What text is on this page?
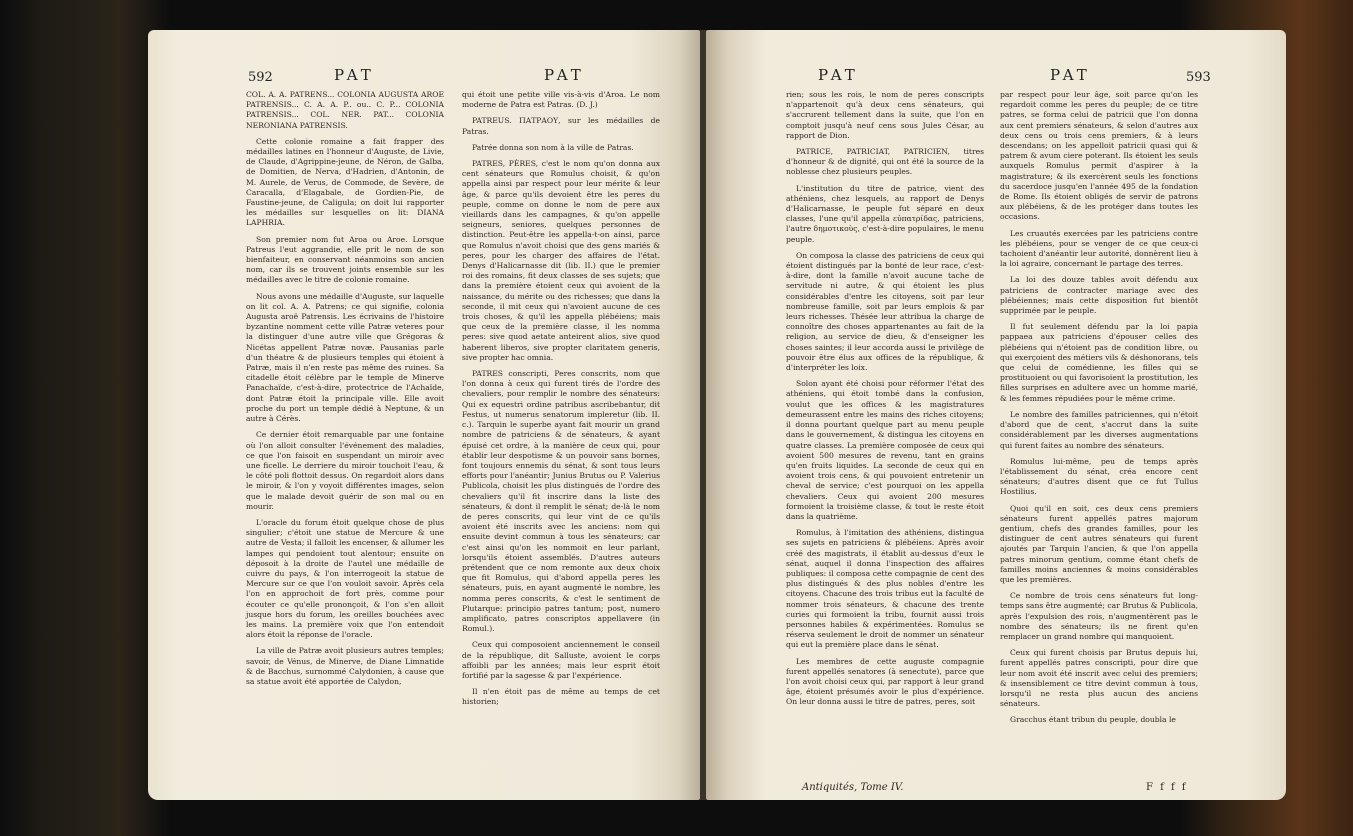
592	PAT	PAT

COL. A. A. PATRENS... COLONIA AUGUSTA AROE PATRENSIS... C. A. A. P.. ou.. C. P... COLONIA PATRENSIS... COL. NER. PAT... COLONIA NERONIANA PATRENSIS.

Cette colonie romaine a fait frapper des médailles latines en l'honneur d'Auguste, de Livie, de Claude, d'Agrippine-jeune, de Néron, de Galba, de Domitien, de Nerva, d'Hadrien, d'Antonin, de M. Aurele, de Verus, de Commode, de Sevère, de Caracalla, d'Elagabale, de Gordien-Pie, de Faustine-jeune, de Caligula; on doit lui rapporter les médailles sur lesquelles on lit: DIANA LAPHRIA.

Son premier nom fut Aroa ou Aroe. Lorsque Patreus l'eut aggrandie, elle prit le nom de son bienfaiteur, en conservant néanmoins son ancien nom, car ils se trouvent joints ensemble sur les médailles avec le titre de colonie romaine.

Nous avons une médaille d'Auguste, sur laquelle on lit col. A. A. Patrens; ce qui signifie, colonia Augusta aroë Patrensis. Les écrivains de l'histoire byzantine nomment cette ville Patræ veteres pour la distinguer d'une autre ville que Grégoras & Nicétas appellent Patræ novæ. Pausanias parle d'un théatre & de plusieurs temples qui étoient à Patræ, mais il n'en reste pas même des ruines. Sa citadelle étoit célèbre par le temple de Minerve Panachaïde, c'est-à-dire, protectrice de l'Achaïde, dont Patræ étoit la principale ville. Elle avoit proche du port un temple dédié à Neptune, & un autre à Cérès.

Ce dernier étoit remarquable par une fontaine où l'on alloit consulter l'événement des maladies, ce que l'on faisoit en suspendant un miroir avec une ficelle. Le derriere du miroir touchoit l'eau, & le côté poli flottoit dessus. On regardoit alors dans le miroir, & l'on y voyoit différentes images, selon que le malade devoit guérir de son mal ou en mourir.

L'oracle du forum étoit quelque chose de plus singulier; c'étoit une statue de Mercure & une autre de Vesta; il falloit les encenser, & allumer les lampes qui pendoient tout alentour; ensuite on déposoit à la droite de l'autel une médaille de cuivre du pays, & l'on interrogeoit la statue de Mercure sur ce que l'on vouloit savoir. Après cela l'on en approchoit de fort près, comme pour écouter ce qu'elle prononçoit, & l'on s'en alloit jusque hors du forum, les oreilles bouchées avec les mains. La première voix que l'on entendoit alors étoit la réponse de l'oracle.

La ville de Patræ avoit plusieurs autres temples; savoir, de Vénus, de Minerve, de Diane Limnatide & de Bacchus, surnommé Calydonien, à cause que sa statue avoit été apportée de Calydon,

qui étoit une petite ville vis-à-vis d'Aroa. Le nom moderne de Patra est Patras. (D. J.)

PATREUS. ΠΑΤΡΑΟΥ, sur les médailles de Patras.

Patrée donna son nom à la ville de Patras.

PATRES, PÈRES, c'est le nom qu'on donna aux cent sénateurs que Romulus choisit, & qu'on appella ainsi par respect pour leur mérite & leur âge, & parce qu'ils devoient être les peres du peuple, comme on donne le nom de pere aux vieillards dans les campagnes, & qu'on appelle seigneurs, seniores, quelques personnes de distinction. Peut-être les appella-t-on ainsi, parce que Romulus n'avoit choisi que des gens mariés & peres, pour les charger des affaires de l'état. Denys d'Halicarnasse dit (lib. II.) que le premier roi des romains, fit deux classes de ses sujets; que dans la première étoient ceux qui avoient de la naissance, du mérite ou des richesses; que dans la seconde, il mit ceux qui n'avoient aucune de ces trois choses, & qu'il les appella plébéiens; mais que ceux de la première classe, il les nomma peres: sive quod aetate anteirent alios, sive quod haberent liberos, sive propter claritatem generis, sive propter hac omnia.

PATRES conscripti, Peres conscrits, nom que l'on donna à ceux qui furent tirés de l'ordre des chevaliers, pour remplir le nombre des sénateurs: Qui ex equestri ordine patribus ascribebantur, dit Festus, ut numerus senatorum impleretur (lib. II. c.). Tarquin le superbe ayant fait mourir un grand nombre de patriciens & de sénateurs, & ayant épuisé cet ordre, à la manière de ceux qui, pour établir leur despotisme & un pouvoir sans bornes, font toujours ennemis du sénat, & sont tous leurs efforts pour l'anéantir; Junius Brutus ou P. Valerius Publicola, choisit les plus distingués de l'ordre des chevaliers qu'il fit inscrire dans la liste des sénateurs, & dont il remplit le sénat; de-là le nom de peres conscrits, qui leur vint de ce qu'ils avoient été inscrits avec les anciens: nom qui ensuite devint commun à tous les sénateurs; car c'est ainsi qu'on les nommoit en leur parlant, lorsqu'ils étoient assemblés. D'autres auteurs prétendent que ce nom remonte aux deux choix que fit Romulus, qui d'abord appella peres les sénateurs, puis, en ayant augmenté le nombre, les nomma peres conscrits, & c'est le sentiment de Plutarque: principio patres tantum; post, numero amplificato, patres conscriptos appellavere (in Romul.).

Ceux qui composoient anciennement le conseil de la république, dit Salluste, avoient le corps affoibli par les années; mais leur esprit étoit fortifié par la sagesse & par l'expérience.

Il n'en étoit pas de même au temps de cet historien;

PAT	PAT	593

rien; sous les rois, le nom de peres conscripts n'appartenoit qu'à deux cens sénateurs, qui s'accrurent tellement dans la suite, que l'on en comptoit jusqu'à neuf cens sous Jules César, au rapport de Dion.

PATRICE, PATRICIAT, PATRICIEN, titres d'honneur & de dignité, qui ont été la source de la noblesse chez plusieurs peuples.

L'institution du titre de patrice, vient des athéniens, chez lesquels, au rapport de Denys d'Halicarnasse, le peuple fut séparé en deux classes, l'une qu'il appella εὐπατρίδας, patriciens, l'autre δημοτικοὺς, c'est-à-dire populaires, le menu peuple.

On composa la classe des patriciens de ceux qui étoient distingués par la bonté de leur race, c'est-à-dire, dont la famille n'avoit aucune tache de servitude ni autre, & qui étoient les plus considérables d'entre les citoyens, soit par leur nombreuse famille, soit par leurs emplois & par leurs richesses. Thésée leur attribua la charge de connoître des choses appartenantes au fait de la religion, au service de dieu, & d'enseigner les choses saintes; il leur accorda aussi le privilège de pouvoir être élus aux offices de la république, & d'interpréter les loix.

Solon ayant été choisi pour réformer l'état des athéniens, qui étoit tombé dans la confusion, voulut que les offices & les magistratures demeurassent entre les mains des riches citoyens; il donna pourtant quelque part au menu peuple dans le gouvernement, & distingua les citoyens en quatre classes. La première composée de ceux qui avoient 500 mesures de revenu, tant en grains qu'en fruits liquides. La seconde de ceux qui en avoient trois cens, & qui pouvoient entretenir un cheval de service; c'est pourquoi on les appella chevaliers. Ceux qui avoient 200 mesures formoient la troisième classe, & tout le reste étoit dans la quatrième.

Romulus, à l'imitation des athéniens, distingua ses sujets en patriciens & plébéiens. Après avoir créé des magistrats, il établit au-dessus d'eux le sénat, auquel il donna l'inspection des affaires publiques: il composa cette compagnie de cent des plus distingués & des plus nobles d'entre les citoyens. Chacune des trois tribus eut la faculté de nommer trois sénateurs, & chacune des trente curies qui formoient la tribu, fournit aussi trois personnes habiles & expérimentées. Romulus se réserva seulement le droit de nommer un sénateur qui eut la première place dans le sénat.

Les membres de cette auguste compagnie furent appellés senatores (à senectute), parce que l'on avoit choisi ceux qui, par rapport à leur grand âge, étoient présumés avoir le plus d'expérience. On leur donna aussi le titre de patres, peres, soit

par respect pour leur âge, soit parce qu'on les regardoit comme les peres du peuple; de ce titre patres, se forma celui de patricii que l'on donna aux cent premiers sénateurs, & selon d'autres aux deux cens ou trois cens premiers, & à leurs descendans; on les appelloit patricii quasi qui & patrem & avum ciere poterant. Ils étoient les seuls auxquels Romulus permit d'aspirer à la magistrature; & ils exercèrent seuls les fonctions du sacerdoce jusqu'en l'année 495 de la fondation de Rome. Ils étoient obligés de servir de patrons aux plébéiens, & de les protéger dans toutes les occasions.

Les cruautés exercées par les patriciens contre les plébéiens, pour se venger de ce que ceux-ci tachoient d'anéantir leur autorité, donnèrent lieu à la loi agraire, concernant le partage des terres.

La loi des douze tables avoit défendu aux patriciens de contracter mariage avec des plébéiennes; mais cette disposition fut bientôt supprimée par le peuple.

Il fut seulement défendu par la loi papia pappaea aux patriciens d'épouser celles des plébéiens qui n'étoient pas de condition libre, ou qui exerçoient des métiers vils & déshonorans, tels que celui de comédienne, les filles qui se prostituoient ou qui favorisoient la prostitution, les filles surprises en adultere avec un homme marié, & les femmes répudiées pour le même crime.

Le nombre des familles patriciennes, qui n'étoit d'abord que de cent, s'accrut dans la suite considérablement par les diverses augmentations qui furent faites au nombre des sénateurs.

Romulus lui-même, peu de temps après l'établissement du sénat, créa encore cent sénateurs; d'autres disent que ce fut Tullus Hostilius.

Quoi qu'il en soit, ces deux cens premiers sénateurs furent appellés patres majorum gentium, chefs des grandes familles, pour les distinguer de cent autres sénateurs qui furent ajoutés par Tarquin l'ancien, & que l'on appella patres minorum gentium, comme étant chefs de familles moins anciennes & moins considérables que les premières.

Ce nombre de trois cens sénateurs fut long-temps sans être augmenté; car Brutus & Publicola, après l'expulsion des rois, n'augmentèrent pas le nombre des sénateurs; ils ne firent qu'en remplacer un grand nombre qui manquoient.

Ceux qui furent choisis par Brutus depuis lui, furent appellés patres conscripti, pour dire que leur nom avoit été inscrit avec celui des premiers; & insensiblement ce titre devint commun à tous, lorsqu'il ne resta plus aucun des anciens sénateurs.

Gracchus étant tribun du peuple, doubla le

Antiquités, Tome IV.	F f f f
